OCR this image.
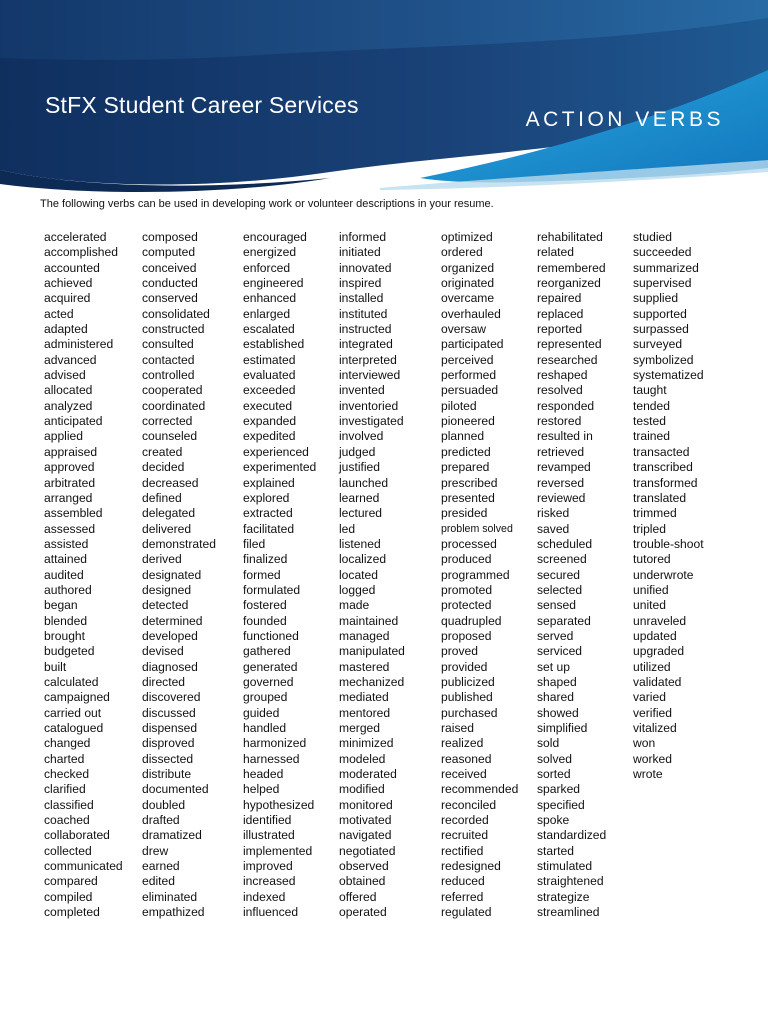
StFX Student Career Services
ACTION VERBS
The following verbs can be used in developing work or volunteer descriptions in your resume.
accelerated
accomplished
accounted
achieved
acquired
acted
adapted
administered
advanced
advised
allocated
analyzed
anticipated
applied
appraised
approved
arbitrated
arranged
assembled
assessed
assisted
attained
audited
authored
began
blended
brought
budgeted
built
calculated
campaigned
carried out
catalogued
changed
charted
checked
clarified
classified
coached
collaborated
collected
communicated
compared
compiled
completed
composed
computed
conceived
conducted
conserved
consolidated
constructed
consulted
contacted
controlled
cooperated
coordinated
corrected
counseled
created
decided
decreased
defined
delegated
delivered
demonstrated
derived
designated
designed
detected
determined
developed
devised
diagnosed
directed
discovered
discussed
dispensed
disproved
dissected
distribute
documented
doubled
drafted
dramatized
drew
earned
edited
eliminated
empathized
encouraged
energized
enforced
engineered
enhanced
enlarged
escalated
established
estimated
evaluated
exceeded
executed
expanded
expedited
experienced
experimented
explained
explored
extracted
facilitated
filed
finalized
formed
formulated
fostered
founded
functioned
gathered
generated
governed
grouped
guided
handled
harmonized
harnessed
headed
helped
hypothesized
identified
illustrated
implemented
improved
increased
indexed
influenced
informed
initiated
innovated
inspired
installed
instituted
instructed
integrated
interpreted
interviewed
invented
inventoried
investigated
involved
judged
justified
launched
learned
lectured
led
listened
localized
located
logged
made
maintained
managed
manipulated
mastered
mechanized
mediated
mentored
merged
minimized
modeled
moderated
modified
monitored
motivated
navigated
negotiated
observed
obtained
offered
operated
optimized
ordered
organized
originated
overcame
overhauled
oversaw
participated
perceived
performed
persuaded
piloted
pioneered
planned
predicted
prepared
prescribed
presented
presided
problem solved
processed
produced
programmed
promoted
protected
quadrupled
proposed
proved
provided
publicized
published
purchased
raised
realized
reasoned
received
recommended
reconciled
recorded
recruited
rectified
redesigned
reduced
referred
regulated
rehabilitated
related
remembered
reorganized
repaired
replaced
reported
represented
researched
reshaped
resolved
responded
restored
resulted in
retrieved
revamped
reversed
reviewed
risked
saved
scheduled
screened
secured
selected
sensed
separated
served
serviced
set up
shaped
shared
showed
simplified
sold
solved
sorted
sparked
specified
spoke
standardized
started
stimulated
straightened
strategize
streamlined
studied
succeeded
summarized
supervised
supplied
supported
surpassed
surveyed
symbolized
systematized
taught
tended
tested
trained
transacted
transcribed
transformed
translated
trimmed
tripled
trouble-shoot
tutored
underwrote
unified
united
unraveled
updated
upgraded
utilized
validated
varied
verified
vitalized
won
worked
wrote
